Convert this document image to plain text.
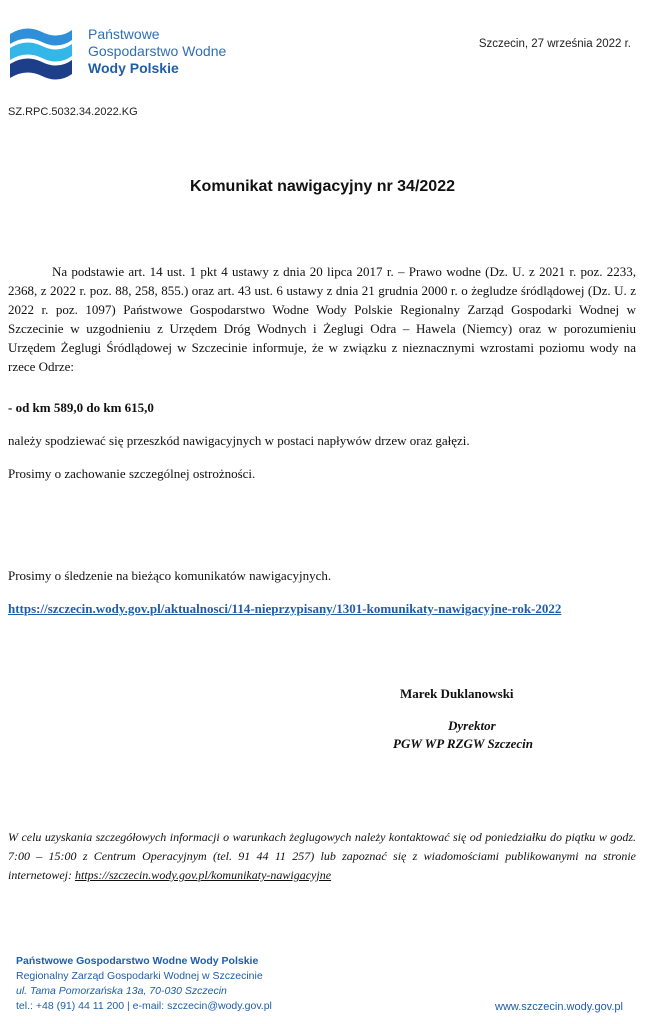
Państwowe
Gospodarstwo Wodne
Wody Polskie
Szczecin, 27 września 2022 r.
SZ.RPC.5032.34.2022.KG
Komunikat nawigacyjny nr 34/2022
Na podstawie art. 14 ust. 1 pkt 4 ustawy z dnia 20 lipca 2017 r. – Prawo wodne (Dz. U. z 2021 r. poz. 2233, 2368, z 2022 r. poz. 88, 258, 855.) oraz art. 43 ust. 6 ustawy z dnia 21 grudnia 2000 r. o żegludze śródlądowej (Dz. U. z 2022 r. poz. 1097) Państwowe Gospodarstwo Wodne Wody Polskie Regionalny Zarząd Gospodarki Wodnej w Szczecinie w uzgodnieniu z Urzędem Dróg Wodnych i Żeglugi Odra – Hawela (Niemcy) oraz w porozumieniu Urzędem Żeglugi Śródlądowej w Szczecinie informuje, że w związku z nieznacznymi wzrostami poziomu wody na rzece Odrze:
- od km 589,0 do km 615,0
należy spodziewać się przeszkód nawigacyjnych w postaci napływów drzew oraz gałęzi.
Prosimy o zachowanie szczególnej ostrożności.
Prosimy o śledzenie na bieżąco komunikatów nawigacyjnych.
https://szczecin.wody.gov.pl/aktualnosci/114-nieprzypisany/1301-komunikaty-nawigacyjne-rok-2022
Marek Duklanowski
Dyrektor
PGW WP RZGW Szczecin
W celu uzyskania szczegółowych informacji o warunkach żeglugowych należy kontaktować się od poniedziałku do piątku w godz. 7:00 – 15:00 z Centrum Operacyjnym (tel. 91 44 11 257) lub zapoznać się z wiadomościami publikowanymi na stronie internetowej: https://szczecin.wody.gov.pl/komunikaty-nawigacyjne
Państwowe Gospodarstwo Wodne Wody Polskie
Regionalny Zarząd Gospodarki Wodnej w Szczecinie
ul. Tama Pomorzańska 13a, 70-030 Szczecin
tel.: +48 (91) 44 11 200 | e-mail: szczecin@wody.gov.pl	www.szczecin.wody.gov.pl
